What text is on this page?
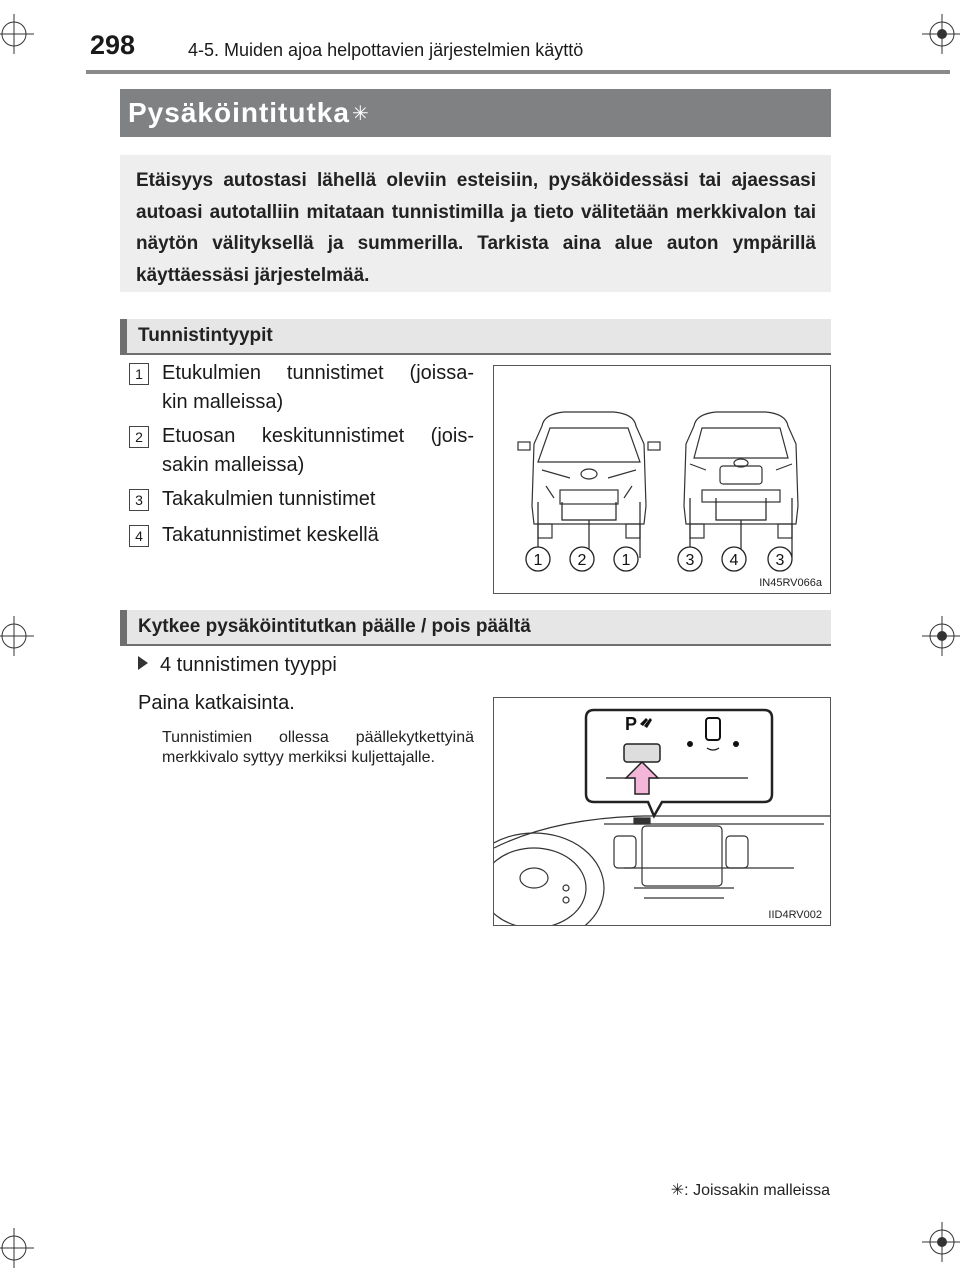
298	4-5. Muiden ajoa helpottavien järjestelmien käyttö
Pysäköintitutka ✳
Etäisyys autostasi lähellä oleviin esteisiin, pysäköidessäsi tai ajaessasi autoasi autotalliin mitataan tunnistimilla ja tieto välitetään merkkivalon tai näytön välityksellä ja summerilla. Tarkista aina alue auton ympärillä käyttäessäsi järjestelmää.
Tunnistintyypit
1 Etukulmien tunnistimet (joissa-
kin malleissa)
2 Etuosan keskitunnistimet (jois-
sakin malleissa)
3 Takakulmien tunnistimet
4 Takatunnistimet keskellä
1 2 1	3 4 3
IN45RV066a
Kytkee pysäköintitutkan päälle / pois päältä
4 tunnistimen tyyppi
Paina katkaisinta.
Tunnistimien ollessa päällekytkettyinä merkkivalo syttyy merkiksi kuljettajalle.
P
IID4RV002
✳: Joissakin malleissa
